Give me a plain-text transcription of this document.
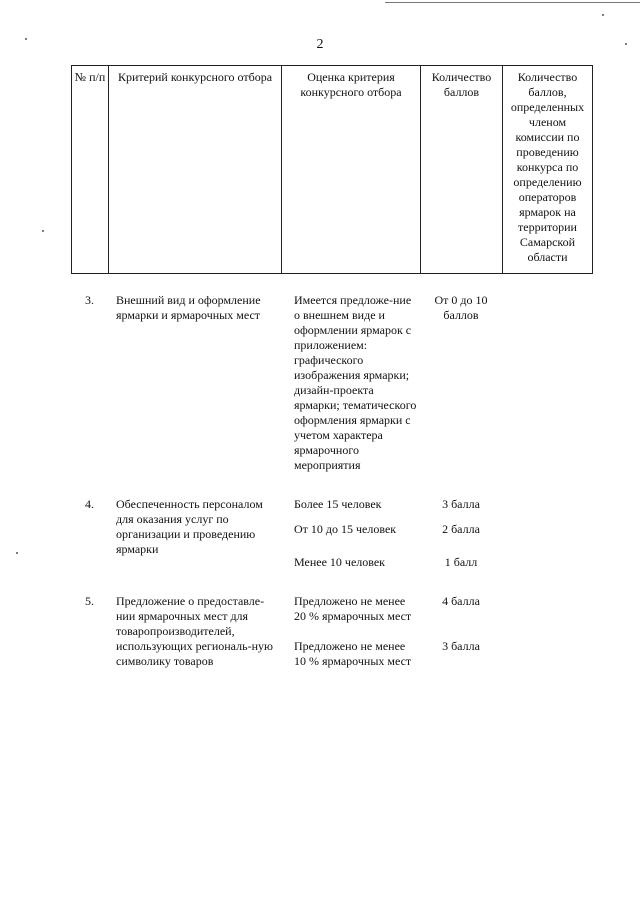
2
№ п/п	Критерий конкурсного отбора	Оценка критерия конкурсного отбора	Количество баллов	Количество баллов, определенных членом комиссии по проведению конкурса по определению операторов ярмарок на территории Самарской области
3.	Внешний вид и оформление ярмарки и ярмарочных мест	Имеется предложе-ние о внешнем виде и оформлении ярмарок с приложением: графического изображения ярмарки; дизайн-проекта ярмарки; тематического оформления ярмарки с учетом характера ярмарочного мероприятия	От 0 до 10 баллов	

4.	Обеспеченность персоналом для оказания услуг по организации и проведению ярмарки	Более 15 человек	3 балла	

		От 10 до 15 человек	2 балла	

		Менее 10 человек	1 балл	

5.	Предложение о предоставле-нии ярмарочных мест для товаропроизводителей, использующих региональ-ную символику товаров	Предложено не менее 20 % ярмарочных мест	4 балла	

		Предложено не менее 10 % ярмарочных мест	3 балла	
